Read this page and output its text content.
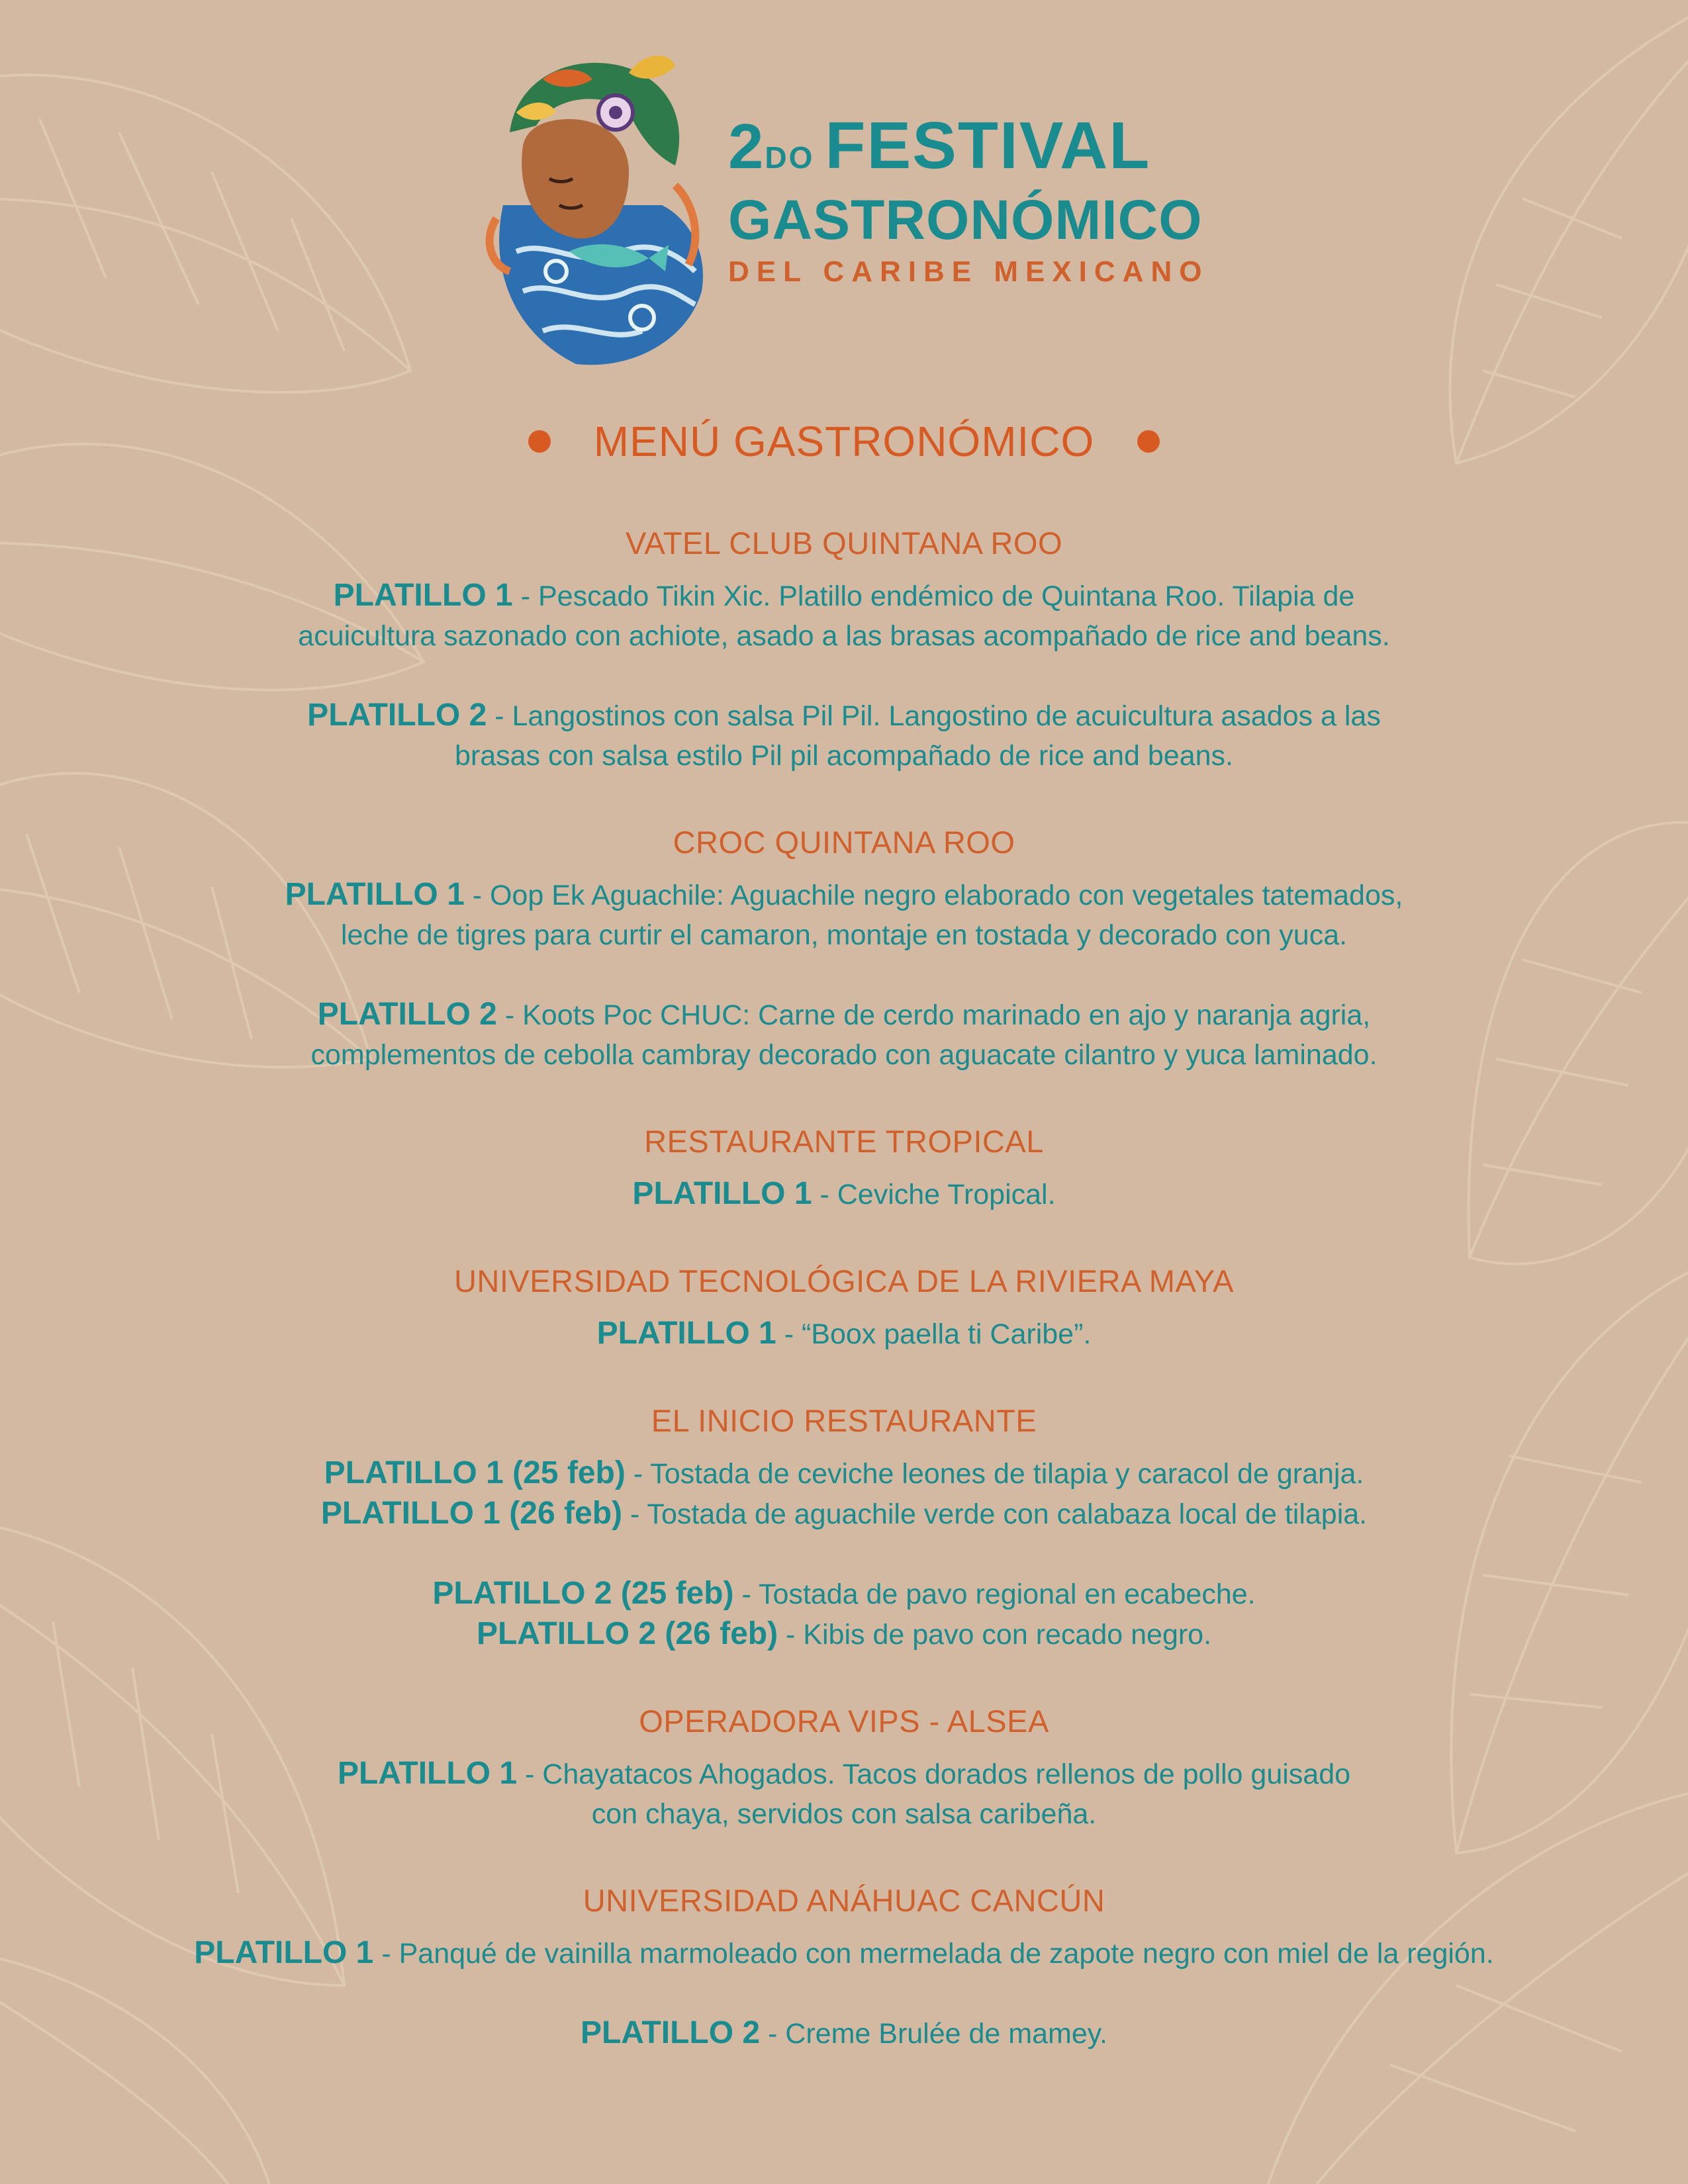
2DO FESTIVAL
GASTRONÓMICO
DEL CARIBE MEXICANO
MENÚ GASTRONÓMICO
VATEL CLUB QUINTANA ROO

PLATILLO 1 - Pescado Tikin Xic. Platillo endémico de Quintana Roo. Tilapia de
acuicultura sazonado con achiote, asado a las brasas acompañado de rice and beans.

PLATILLO 2 - Langostinos con salsa Pil Pil. Langostino de acuicultura asados a las
brasas con salsa estilo Pil pil acompañado de rice and beans.

CROC QUINTANA ROO

PLATILLO 1 - Oop Ek Aguachile: Aguachile negro elaborado con vegetales tatemados,
leche de tigres para curtir el camaron, montaje en tostada y decorado con yuca.

PLATILLO 2 - Koots Poc CHUC: Carne de cerdo marinado en ajo y naranja agria,
complementos de cebolla cambray decorado con aguacate cilantro y yuca laminado.

RESTAURANTE TROPICAL

PLATILLO 1 - Ceviche Tropical.

UNIVERSIDAD TECNOLÓGICA DE LA RIVIERA MAYA

PLATILLO 1 - “Boox paella ti Caribe”.

EL INICIO RESTAURANTE

PLATILLO 1 (25 feb) - Tostada de ceviche leones de tilapia y caracol de granja.

PLATILLO 1 (26 feb) - Tostada de aguachile verde con calabaza local de tilapia.

PLATILLO 2 (25 feb) - Tostada de pavo regional en ecabeche.

PLATILLO 2 (26 feb) - Kibis de pavo con recado negro.

OPERADORA VIPS - ALSEA

PLATILLO 1 - Chayatacos Ahogados. Tacos dorados rellenos de pollo guisado
con chaya, servidos con salsa caribeña.

UNIVERSIDAD ANÁHUAC CANCÚN

PLATILLO 1 - Panqué de vainilla marmoleado con mermelada de zapote negro con miel de la región.

PLATILLO 2 - Creme Brulée de mamey.
